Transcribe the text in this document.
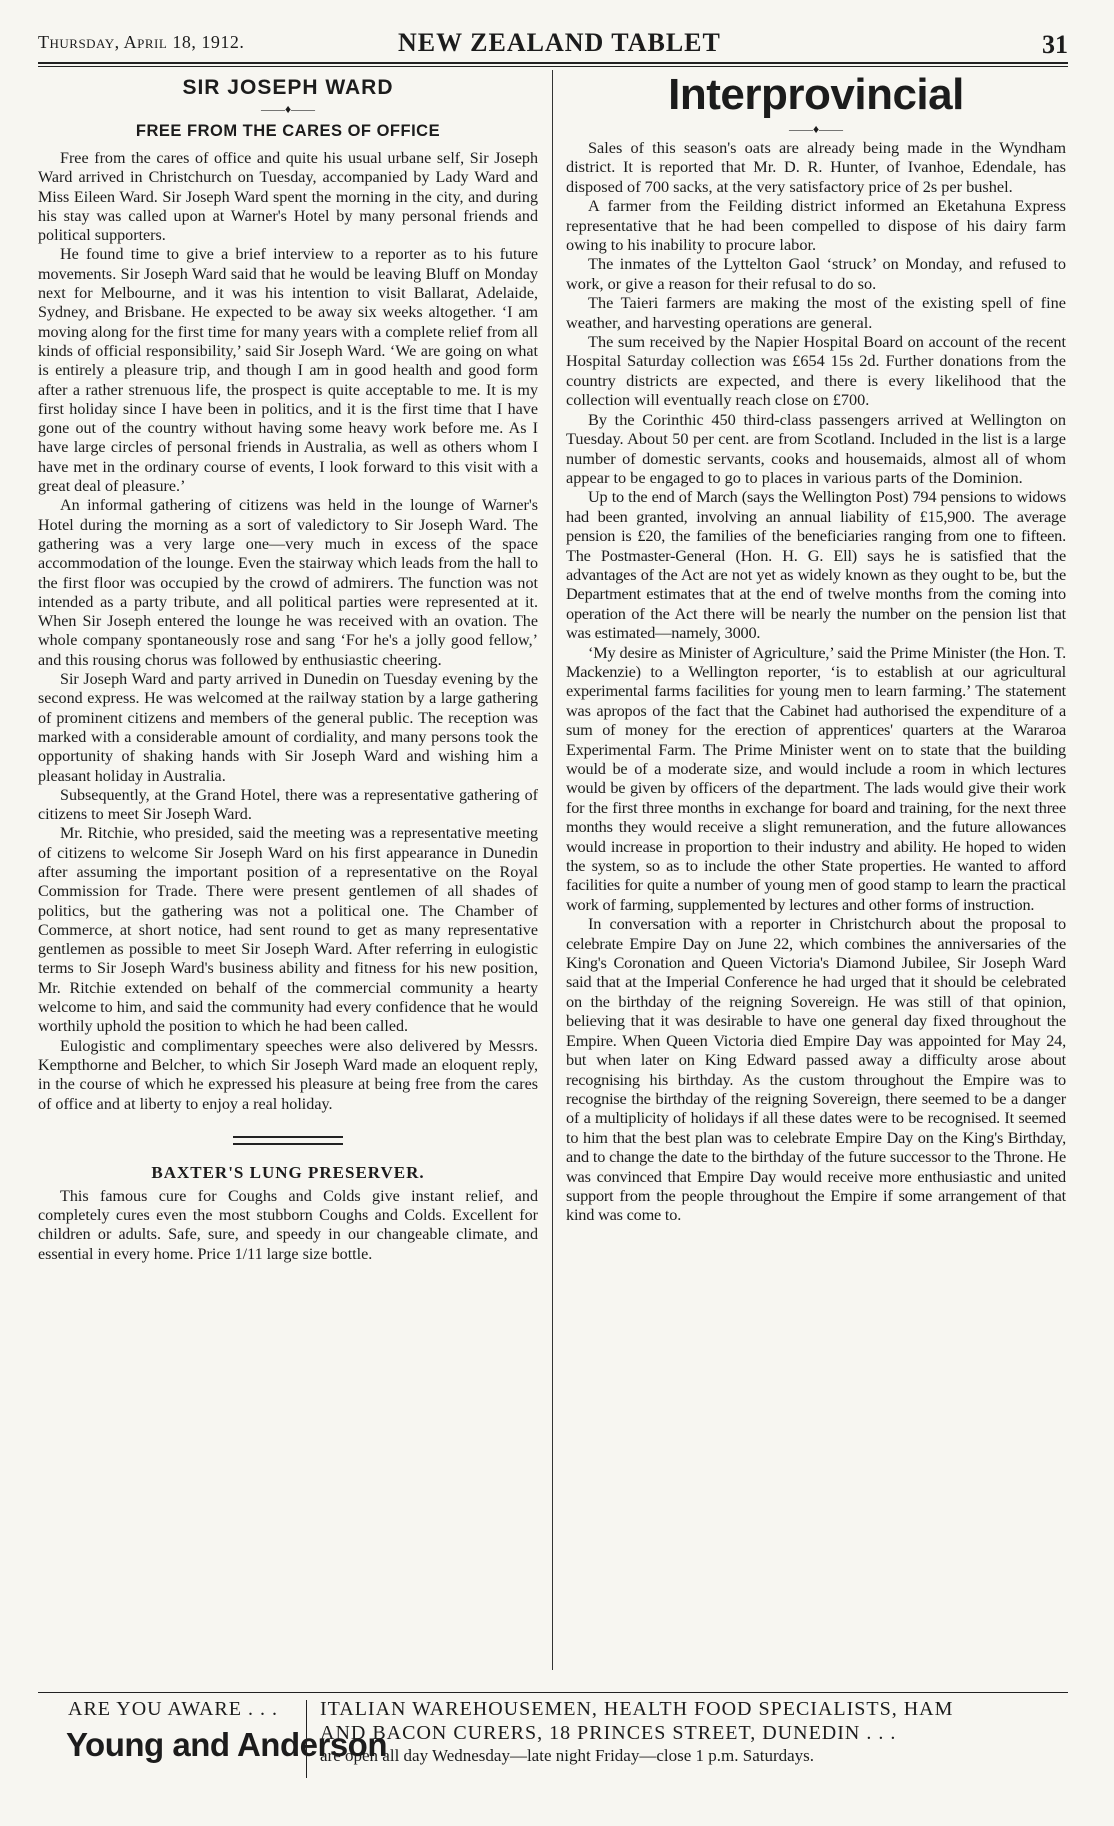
Thursday, April 18, 1912.	NEW ZEALAND TABLET	31
SIR JOSEPH WARD
——♦——
FREE FROM THE CARES OF OFFICE

Free from the cares of office and quite his usual urbane self, Sir Joseph Ward arrived in Christchurch on Tuesday, accompanied by Lady Ward and Miss Eileen Ward. Sir Joseph Ward spent the morning in the city, and during his stay was called upon at Warner's Hotel by many personal friends and political supporters.

He found time to give a brief interview to a reporter as to his future movements. Sir Joseph Ward said that he would be leaving Bluff on Monday next for Melbourne, and it was his intention to visit Ballarat, Adelaide, Sydney, and Brisbane. He expected to be away six weeks altogether. ‘I am moving along for the first time for many years with a complete relief from all kinds of official responsibility,’ said Sir Joseph Ward. ‘We are going on what is entirely a pleasure trip, and though I am in good health and good form after a rather strenuous life, the prospect is quite acceptable to me. It is my first holiday since I have been in politics, and it is the first time that I have gone out of the country without having some heavy work before me. As I have large circles of personal friends in Australia, as well as others whom I have met in the ordinary course of events, I look forward to this visit with a great deal of pleasure.’

An informal gathering of citizens was held in the lounge of Warner's Hotel during the morning as a sort of valedictory to Sir Joseph Ward. The gathering was a very large one—very much in excess of the space accommodation of the lounge. Even the stairway which leads from the hall to the first floor was occupied by the crowd of admirers. The function was not intended as a party tribute, and all political parties were represented at it. When Sir Joseph entered the lounge he was received with an ovation. The whole company spontaneously rose and sang ‘For he's a jolly good fellow,’ and this rousing chorus was followed by enthusiastic cheering.

Sir Joseph Ward and party arrived in Dunedin on Tuesday evening by the second express. He was welcomed at the railway station by a large gathering of prominent citizens and members of the general public. The reception was marked with a considerable amount of cordiality, and many persons took the opportunity of shaking hands with Sir Joseph Ward and wishing him a pleasant holiday in Australia.

Subsequently, at the Grand Hotel, there was a representative gathering of citizens to meet Sir Joseph Ward.

Mr. Ritchie, who presided, said the meeting was a representative meeting of citizens to welcome Sir Joseph Ward on his first appearance in Dunedin after assuming the important position of a representative on the Royal Commission for Trade. There were present gentlemen of all shades of politics, but the gathering was not a political one. The Chamber of Commerce, at short notice, had sent round to get as many representative gentlemen as possible to meet Sir Joseph Ward. After referring in eulogistic terms to Sir Joseph Ward's business ability and fitness for his new position, Mr. Ritchie extended on behalf of the commercial community a hearty welcome to him, and said the community had every confidence that he would worthily uphold the position to which he had been called.

Eulogistic and complimentary speeches were also delivered by Messrs. Kempthorne and Belcher, to which Sir Joseph Ward made an eloquent reply, in the course of which he expressed his pleasure at being free from the cares of office and at liberty to enjoy a real holiday.

BAXTER'S LUNG PRESERVER.

This famous cure for Coughs and Colds give instant relief, and completely cures even the most stubborn Coughs and Colds. Excellent for children or adults. Safe, sure, and speedy in our changeable climate, and essential in every home. Price 1/11 large size bottle.

Interprovincial
——♦——

Sales of this season's oats are already being made in the Wyndham district. It is reported that Mr. D. R. Hunter, of Ivanhoe, Edendale, has disposed of 700 sacks, at the very satisfactory price of 2s per bushel.

A farmer from the Feilding district informed an Eketahuna Express representative that he had been compelled to dispose of his dairy farm owing to his inability to procure labor.

The inmates of the Lyttelton Gaol ‘struck’ on Monday, and refused to work, or give a reason for their refusal to do so.

The Taieri farmers are making the most of the existing spell of fine weather, and harvesting operations are general.

The sum received by the Napier Hospital Board on account of the recent Hospital Saturday collection was £654 15s 2d. Further donations from the country districts are expected, and there is every likelihood that the collection will eventually reach close on £700.

By the Corinthic 450 third-class passengers arrived at Wellington on Tuesday. About 50 per cent. are from Scotland. Included in the list is a large number of domestic servants, cooks and housemaids, almost all of whom appear to be engaged to go to places in various parts of the Dominion.

Up to the end of March (says the Wellington Post) 794 pensions to widows had been granted, involving an annual liability of £15,900. The average pension is £20, the families of the beneficiaries ranging from one to fifteen. The Postmaster-General (Hon. H. G. Ell) says he is satisfied that the advantages of the Act are not yet as widely known as they ought to be, but the Department estimates that at the end of twelve months from the coming into operation of the Act there will be nearly the number on the pension list that was estimated—namely, 3000.

‘My desire as Minister of Agriculture,’ said the Prime Minister (the Hon. T. Mackenzie) to a Wellington reporter, ‘is to establish at our agricultural experimental farms facilities for young men to learn farming.’ The statement was apropos of the fact that the Cabinet had authorised the expenditure of a sum of money for the erection of apprentices' quarters at the Wararoa Experimental Farm. The Prime Minister went on to state that the building would be of a moderate size, and would include a room in which lectures would be given by officers of the department. The lads would give their work for the first three months in exchange for board and training, for the next three months they would receive a slight remuneration, and the future allowances would increase in proportion to their industry and ability. He hoped to widen the system, so as to include the other State properties. He wanted to afford facilities for quite a number of young men of good stamp to learn the practical work of farming, supplemented by lectures and other forms of instruction.

In conversation with a reporter in Christchurch about the proposal to celebrate Empire Day on June 22, which combines the anniversaries of the King's Coronation and Queen Victoria's Diamond Jubilee, Sir Joseph Ward said that at the Imperial Conference he had urged that it should be celebrated on the birthday of the reigning Sovereign. He was still of that opinion, believing that it was desirable to have one general day fixed throughout the Empire. When Queen Victoria died Empire Day was appointed for May 24, but when later on King Edward passed away a difficulty arose about recognising his birthday. As the custom throughout the Empire was to recognise the birthday of the reigning Sovereign, there seemed to be a danger of a multiplicity of holidays if all these dates were to be recognised. It seemed to him that the best plan was to celebrate Empire Day on the King's Birthday, and to change the date to the birthday of the future successor to the Throne. He was convinced that Empire Day would receive more enthusiastic and united support from the people throughout the Empire if some arrangement of that kind was come to.

ARE YOU AWARE . . .
Young and Anderson
ITALIAN WAREHOUSEMEN, HEALTH FOOD SPECIALISTS, HAM
AND BACON CURERS, 18 PRINCES STREET, DUNEDIN . . .
are open all day Wednesday—late night Friday—close 1 p.m. Saturdays.
